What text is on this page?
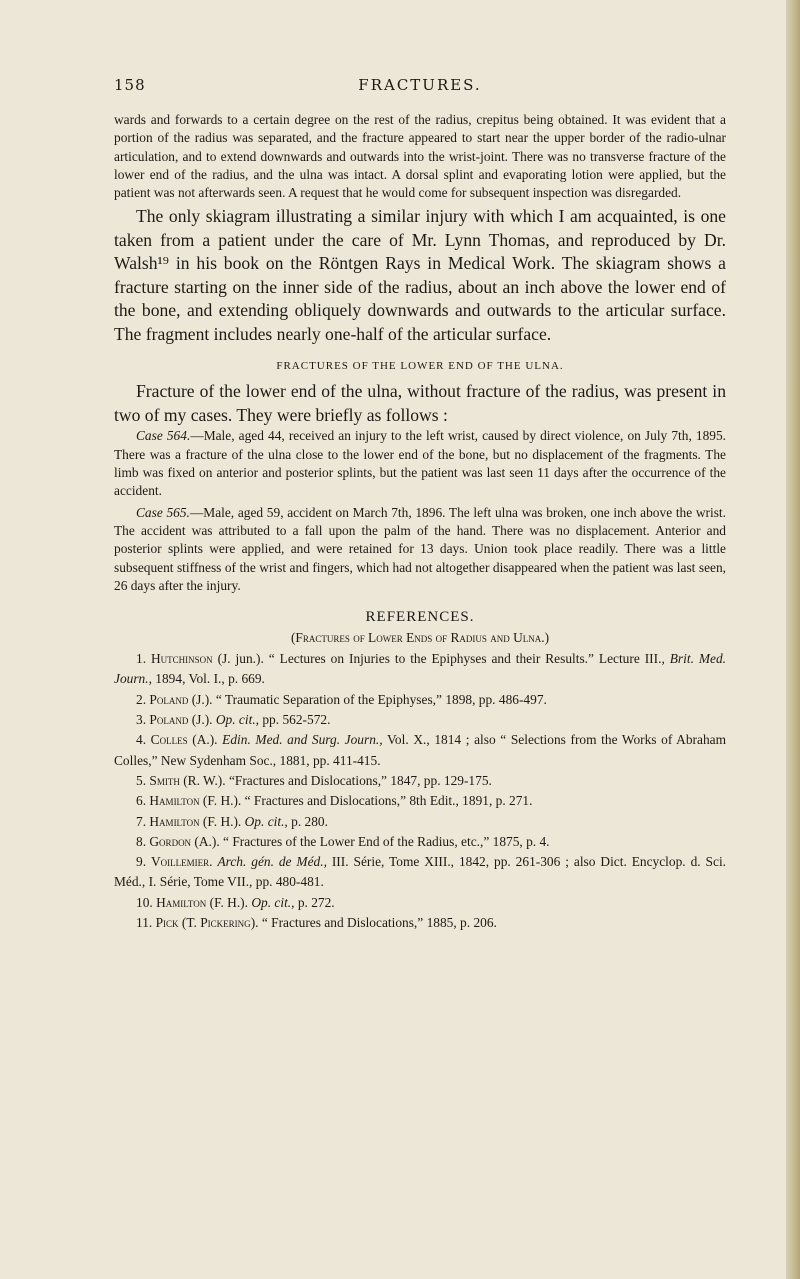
158	FRACTURES.

wards and forwards to a certain degree on the rest of the radius, crepitus being obtained. It was evident that a portion of the radius was separated, and the fracture appeared to start near the upper border of the radio-ulnar articulation, and to extend downwards and outwards into the wrist-joint. There was no transverse fracture of the lower end of the radius, and the ulna was intact. A dorsal splint and evaporating lotion were applied, but the patient was not afterwards seen. A request that he would come for subsequent inspection was disregarded.

The only skiagram illustrating a similar injury with which I am acquainted, is one taken from a patient under the care of Mr. Lynn Thomas, and reproduced by Dr. Walsh¹⁹ in his book on the Röntgen Rays in Medical Work. The skiagram shows a fracture starting on the inner side of the radius, about an inch above the lower end of the bone, and extending obliquely downwards and outwards to the articular surface. The fragment includes nearly one-half of the articular surface.

FRACTURES OF THE LOWER END OF THE ULNA.

Fracture of the lower end of the ulna, without fracture of the radius, was present in two of my cases. They were briefly as follows :

Case 564.—Male, aged 44, received an injury to the left wrist, caused by direct violence, on July 7th, 1895. There was a fracture of the ulna close to the lower end of the bone, but no displacement of the fragments. The limb was fixed on anterior and posterior splints, but the patient was last seen 11 days after the occurrence of the accident.

Case 565.—Male, aged 59, accident on March 7th, 1896. The left ulna was broken, one inch above the wrist. The accident was attributed to a fall upon the palm of the hand. There was no displacement. Anterior and posterior splints were applied, and were retained for 13 days. Union took place readily. There was a little subsequent stiffness of the wrist and fingers, which had not altogether disappeared when the patient was last seen, 26 days after the injury.

REFERENCES.

(Fractures of Lower Ends of Radius and Ulna.)

1. Hutchinson (J. jun.). “ Lectures on Injuries to the Epiphyses and their Results.” Lecture III., Brit. Med. Journ., 1894, Vol. I., p. 669.

2. Poland (J.). “ Traumatic Separation of the Epiphyses,” 1898, pp. 486-497.

3. Poland (J.). Op. cit., pp. 562-572.

4. Colles (A.). Edin. Med. and Surg. Journ., Vol. X., 1814 ; also “ Selections from the Works of Abraham Colles,” New Sydenham Soc., 1881, pp. 411-415.

5. Smith (R. W.). “Fractures and Dislocations,” 1847, pp. 129-175.

6. Hamilton (F. H.). “ Fractures and Dislocations,” 8th Edit., 1891, p. 271.

7. Hamilton (F. H.). Op. cit., p. 280.

8. Gordon (A.). “ Fractures of the Lower End of the Radius, etc.,” 1875, p. 4.

9. Voillemier. Arch. gén. de Méd., III. Série, Tome XIII., 1842, pp. 261-306 ; also Dict. Encyclop. d. Sci. Méd., I. Série, Tome VII., pp. 480-481.

10. Hamilton (F. H.). Op. cit., p. 272.

11. Pick (T. Pickering). “ Fractures and Dislocations,” 1885, p. 206.
